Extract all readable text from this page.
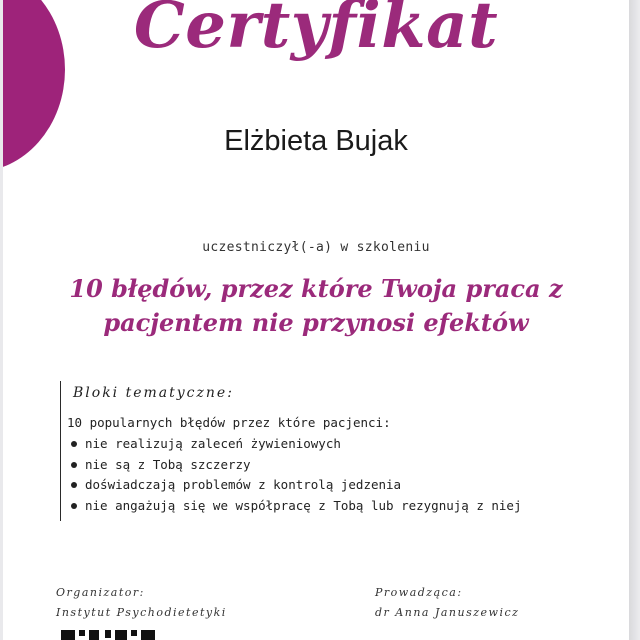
Certyfikat

Elżbieta Bujak

uczestniczył(-a) w szkoleniu
10 błędów, przez które Twoja praca z
pacjentem nie przynosi efektów
Bloki tematyczne:
10 popularnych błędów przez które pacjenci:
nie realizują zaleceń żywieniowych
nie są z Tobą szczerzy
doświadczają problemów z kontrolą jedzenia
nie angażują się we współpracę z Tobą lub rezygnują z niej
Organizator:
Instytut Psychodietetyki
Prowadząca:
dr Anna Januszewicz
